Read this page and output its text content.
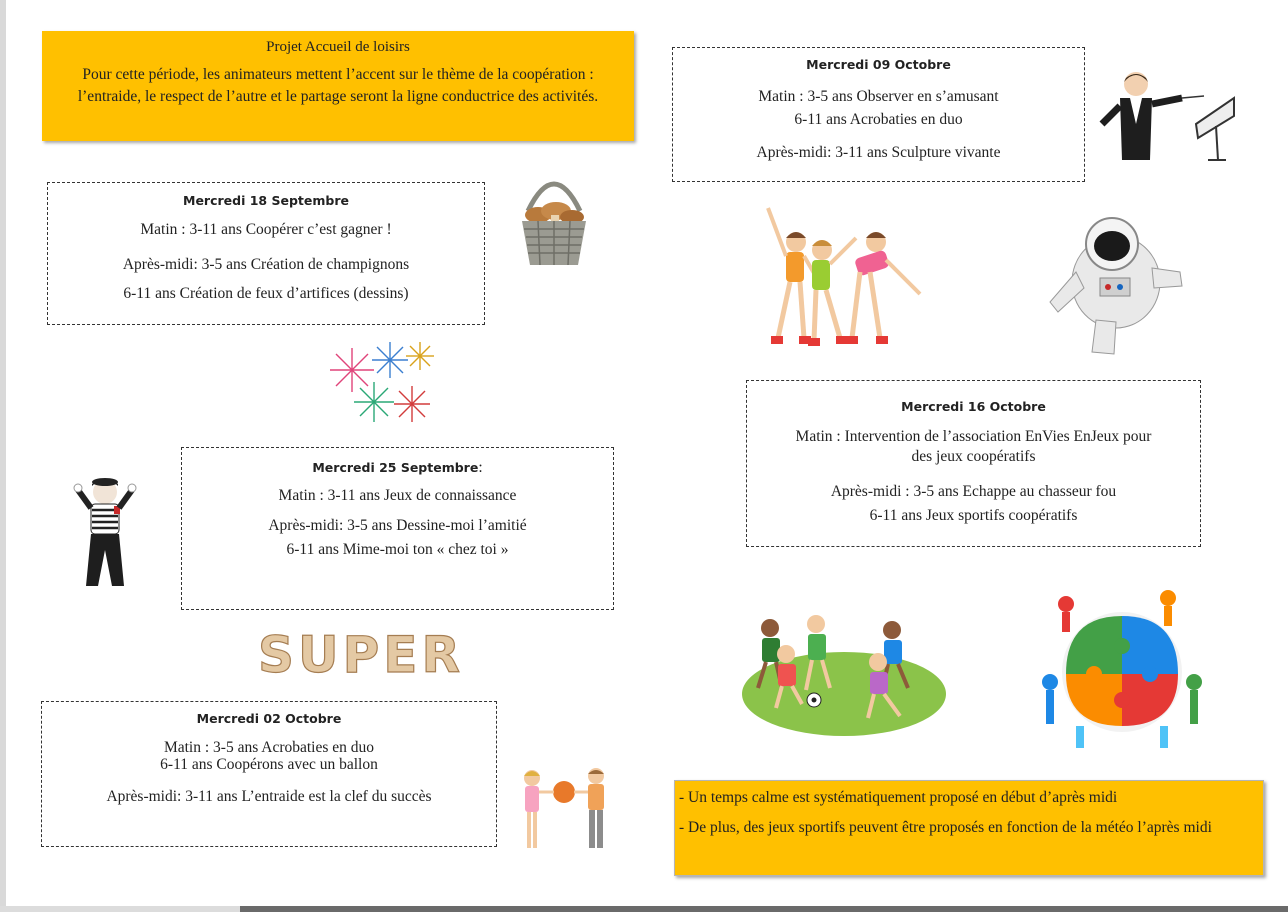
Projet Accueil de loisirs
Pour cette période, les animateurs mettent l’accent sur le thème de la coopération :
l’entraide, le respect de l’autre et le partage seront la ligne conductrice des activités.
Mercredi 18 Septembre

Matin : 3-11 ans Coopérer c’est gagner !

Après-midi: 3-5 ans Création de champignons

6-11 ans Création de feux d’artifices (dessins)

Mercredi 25 Septembre:

Matin : 3-11 ans Jeux de connaissance

Après-midi: 3-5 ans Dessine-moi l’amitié

6-11 ans Mime-moi ton « chez toi »

Mercredi 02 Octobre

Matin : 3-5 ans Acrobaties en duo

6-11 ans Coopérons avec un ballon

Après-midi: 3-11 ans L’entraide est la clef du succès

Mercredi 09 Octobre

Matin : 3-5 ans Observer en s’amusant

6-11 ans Acrobaties en duo

Après-midi: 3-11 ans Sculpture vivante

Mercredi 16 Octobre

Matin : Intervention de l’association EnVies EnJeux pour

des jeux coopératifs

Après-midi : 3-5 ans Echappe au chasseur fou

6-11 ans Jeux sportifs coopératifs

- Un temps calme est systématiquement proposé en début d’après midi
- De plus, des jeux sportifs peuvent être proposés en fonction de la météo l’après midi
SUPER
